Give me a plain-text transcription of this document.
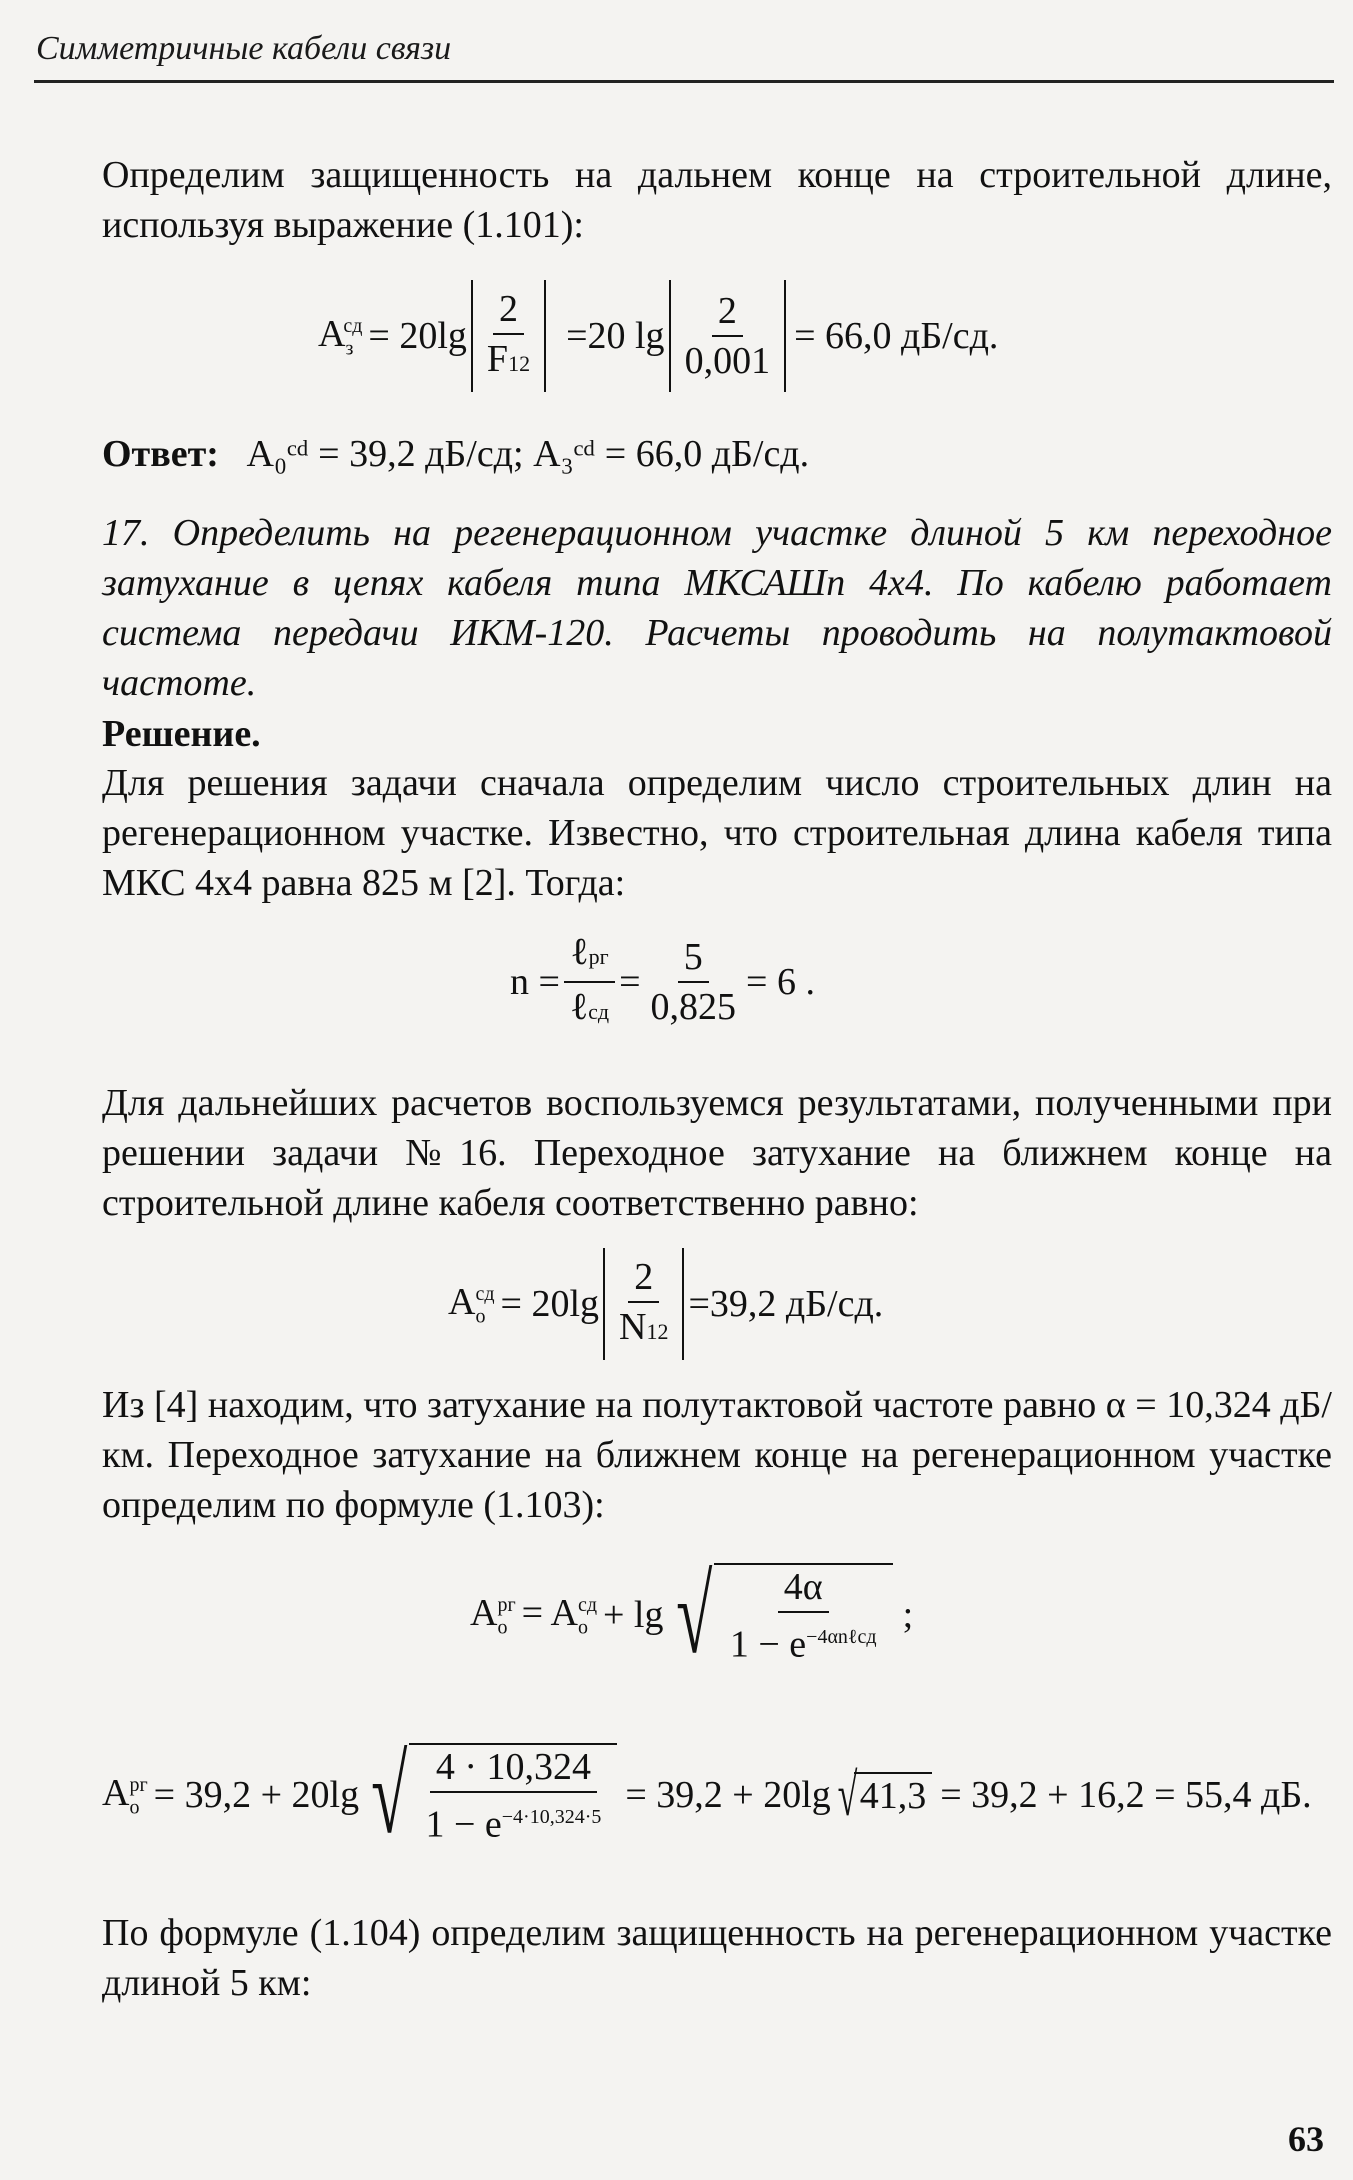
Симметричные кабели связи

Определим защищенность на дальнем конце на строительной длине, используя выражение (1.101):

$A_з^{сд} = 20\lg \frac{2}{F12} =20$ $\lg \frac{2}{0,001} = 66,0$ дБ/сд.
Ответ: A₀ᶜᵈ = 39,2 дБ/сд; A₃ᶜᵈ = 66,0 дБ/сд.

17. Определить на регенерационном участке длиной 5 км переходное затухание в цепях кабеля типа МКСАШп 4х4. По кабелю работает система передачи ИКМ-120. Расчеты проводить на полутактовой частоте.

Решение.

Для решения задачи сначала определим число строительных длин на регенерационном участке. Известно, что строительная длина кабеля типа МКС 4х4 равна 825 м [2]. Тогда:

$n = \frac{\text{ℓрг}}{\text{ℓсд}} = \frac{5}{0,825} = 6$ .

Для дальнейших расчетов воспользуемся результатами, полученными при решении задачи №16. Переходное затухание на ближнем конце на строительной длине кабеля соответственно равно:

$A_о^{сд} = 20\lg \frac{2}{N12} =39,2$ дБ/сд.

Из [4] находим, что затухание на полутактовой частоте равно α = 10,324 дБ/км. Переходное затухание на ближнем конце на регенерационном участке определим по формуле (1.103):

$A_о^{рг} = A_о^{сд} + \lg$ √ $\frac{4\alpha}{1 - e^{-4\alpha n\ell сд}}$ ;
$A_о^{рг} = 39,2 + 20\lg$ √ $\frac{4 \cdot 10,324}{1 - e^{-4\cdot 10,324\cdot 5}} = 39,2 + 20\lg$ √ 41,3 = 39,2 + 16,2 = 55,4 дБ.

По формуле (1.104) определим защищенность на регенерационном участке длиной 5 км:

63
